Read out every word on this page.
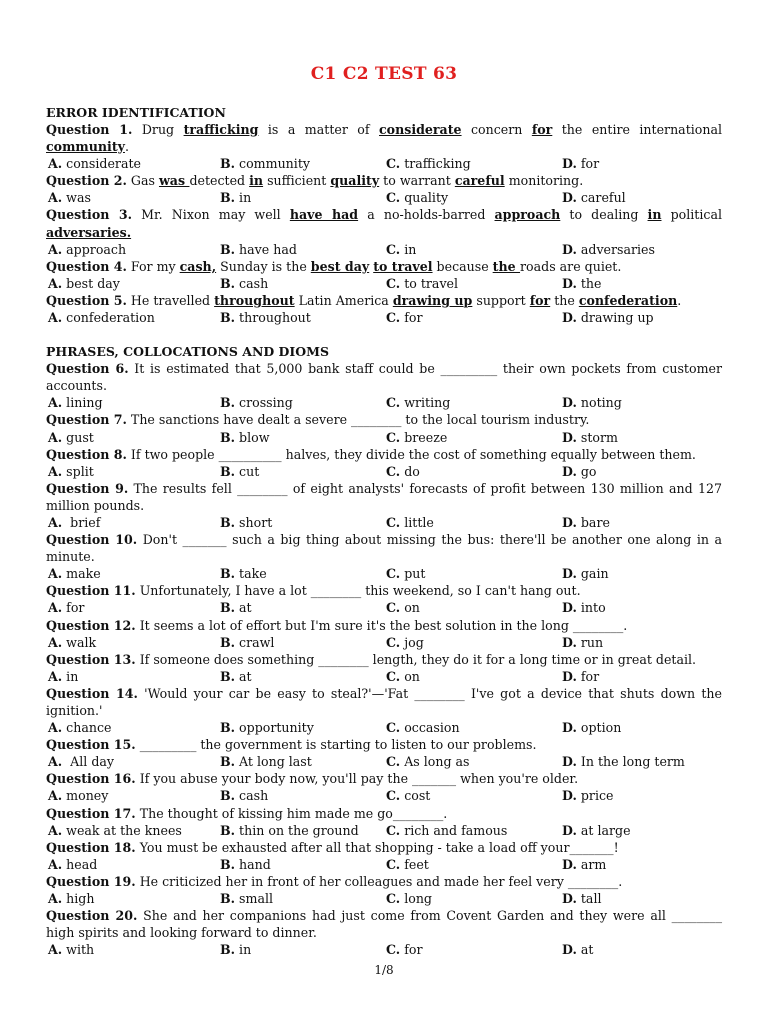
C1 C2 TEST 63
ERROR IDENTIFICATION
Question 1. Drug trafficking is a matter of considerate concern for the entire international community.
A. considerate	B. community	C. trafficking	D. for
Question 2. Gas was detected in sufficient quality to warrant careful monitoring.
A. was	B. in	C. quality	D. careful
Question 3. Mr. Nixon may well have had a no-holds-barred approach to dealing in political adversaries.
A. approach	B. have had	C. in	D. adversaries
Question 4. For my cash, Sunday is the best day to travel because the roads are quiet.
A. best day	B. cash	C. to travel	D. the
Question 5. He travelled throughout Latin America drawing up support for the confederation.
A. confederation	B. throughout	C. for	D. drawing up
PHRASES, COLLOCATIONS AND DIOMS
Question 6. It is estimated that 5,000 bank staff could be _________ their own pockets from customer accounts.
A. lining	B. crossing	C. writing	D. noting
Question 7. The sanctions have dealt a severe ________ to the local tourism industry.
A. gust	B. blow	C. breeze	D. storm
Question 8. If two people __________ halves, they divide the cost of something equally between them.
A. split	B. cut	C. do	D. go
Question 9. The results fell ________ of eight analysts' forecasts of profit between 130 million and 127 million pounds.
A. brief	B. short	C. little	D. bare
Question 10. Don't _______ such a big thing about missing the bus: there'll be another one along in a minute.
A. make	B. take	C. put	D. gain
Question 11. Unfortunately, I have a lot ________ this weekend, so I can't hang out.
A. for	B. at	C. on	D. into
Question 12. It seems a lot of effort but I'm sure it's the best solution in the long ________.
A. walk	B. crawl	C. jog	D. run
Question 13. If someone does something ________ length, they do it for a long time or in great detail.
A. in	B. at	C. on	D. for
Question 14. 'Would your car be easy to steal?'—'Fat ________ I've got a device that shuts down the ignition.'
A. chance	B. opportunity	C. occasion	D. option
Question 15. _________ the government is starting to listen to our problems.
A. All day	B. At long last	C. As long as	D. In the long term
Question 16. If you abuse your body now, you'll pay the _______ when you're older.
A. money	B. cash	C. cost	D. price
Question 17. The thought of kissing him made me go________.
A. weak at the knees	B. thin on the ground	C. rich and famous	D. at large
Question 18. You must be exhausted after all that shopping - take a load off your_______!
A. head	B. hand	C. feet	D. arm
Question 19. He criticized her in front of her colleagues and made her feel very ________.
A. high	B. small	C. long	D. tall
Question 20. She and her companions had just come from Covent Garden and they were all ________ high spirits and looking forward to dinner.
A. with	B. in	C. for	D. at
1/8
